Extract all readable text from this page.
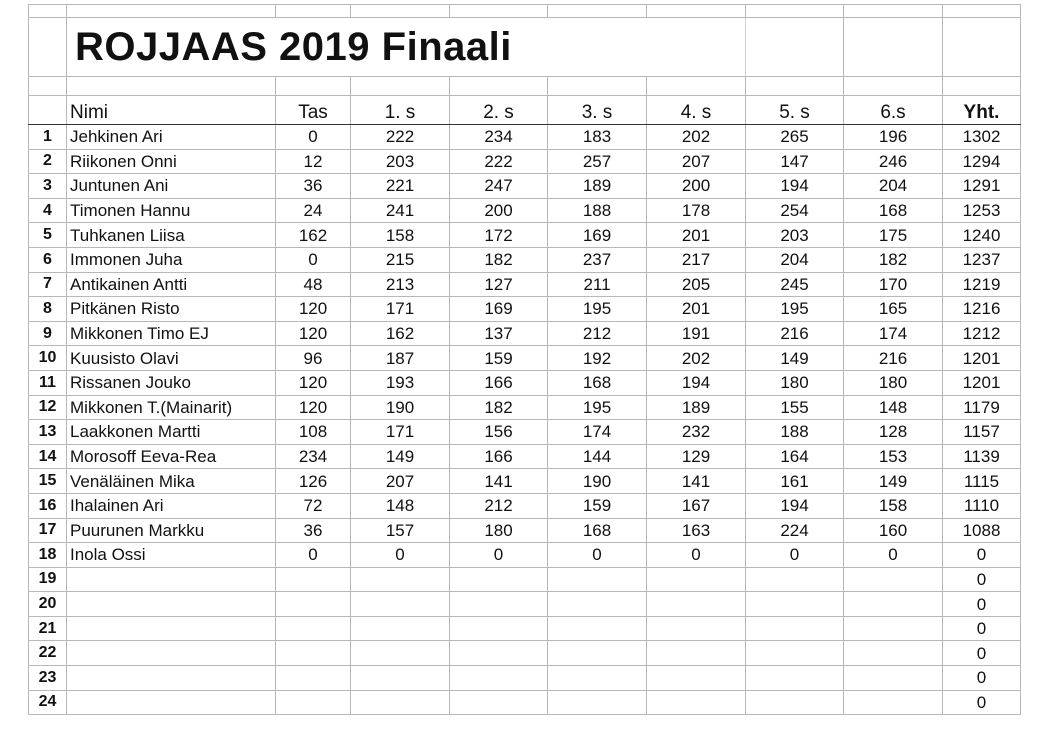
	ROJJAAS 2019 Finaali								

	Nimi	Tas	1. s	2. s	3. s	4. s	5. s	6.s	Yht.
1	Jehkinen Ari	0	222	234	183	202	265	196	1302
2	Riikonen Onni	12	203	222	257	207	147	246	1294
3	Juntunen Ani	36	221	247	189	200	194	204	1291
4	Timonen Hannu	24	241	200	188	178	254	168	1253
5	Tuhkanen Liisa	162	158	172	169	201	203	175	1240
6	Immonen Juha	0	215	182	237	217	204	182	1237
7	Antikainen Antti	48	213	127	211	205	245	170	1219
8	Pitkänen Risto	120	171	169	195	201	195	165	1216
9	Mikkonen Timo EJ	120	162	137	212	191	216	174	1212
10	Kuusisto Olavi	96	187	159	192	202	149	216	1201
11	Rissanen Jouko	120	193	166	168	194	180	180	1201
12	Mikkonen T.(Mainarit)	120	190	182	195	189	155	148	1179
13	Laakkonen Martti	108	171	156	174	232	188	128	1157
14	Morosoff Eeva-Rea	234	149	166	144	129	164	153	1139
15	Venäläinen Mika	126	207	141	190	141	161	149	1115
16	Ihalainen Ari	72	148	212	159	167	194	158	1110
17	Puurunen Markku	36	157	180	168	163	224	160	1088
18	Inola Ossi	0	0	0	0	0	0	0	0
19									0
20									0
21									0
22									0
23									0
24									0
